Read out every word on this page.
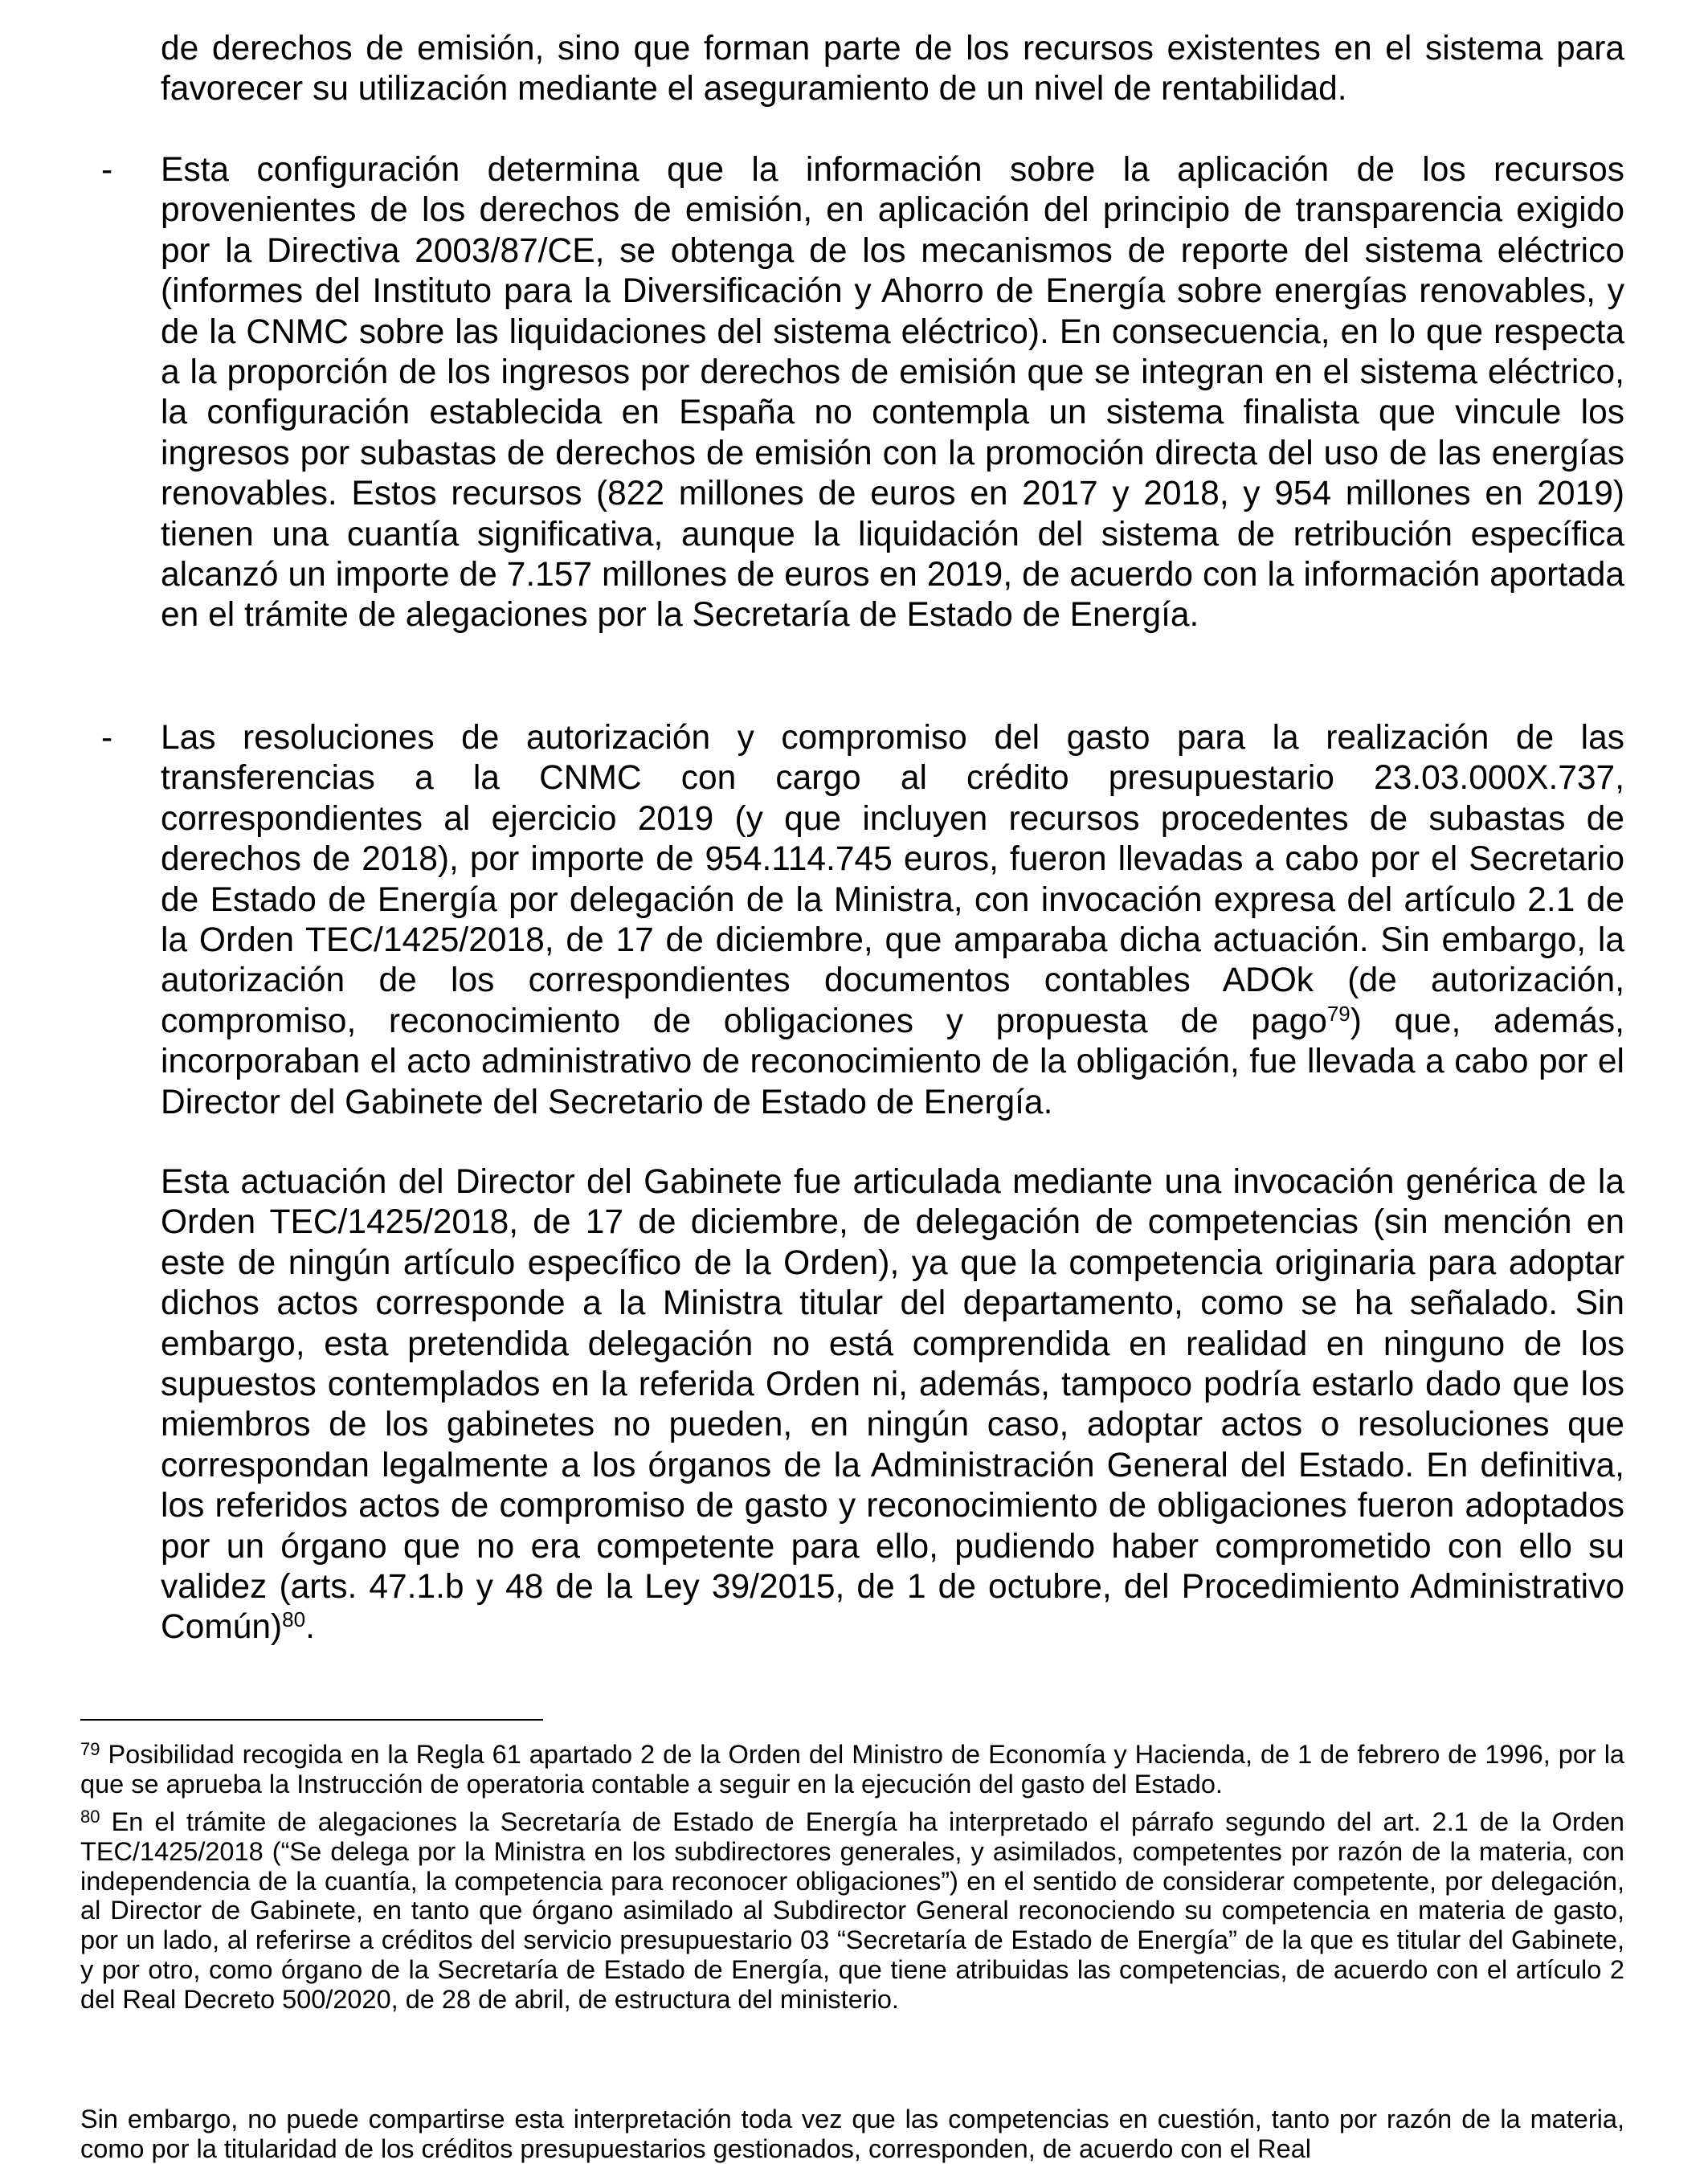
de derechos de emisión, sino que forman parte de los recursos existentes en el sistema para favorecer su utilización mediante el aseguramiento de un nivel de rentabilidad.

- Esta configuración determina que la información sobre la aplicación de los recursos provenientes de los derechos de emisión, en aplicación del principio de transparencia exigido por la Directiva 2003/87/CE, se obtenga de los mecanismos de reporte del sistema eléctrico (informes del Instituto para la Diversificación y Ahorro de Energía sobre energías renovables, y de la CNMC sobre las liquidaciones del sistema eléctrico). En consecuencia, en lo que respecta a la proporción de los ingresos por derechos de emisión que se integran en el sistema eléctrico, la configuración establecida en España no contempla un sistema finalista que vincule los ingresos por subastas de derechos de emisión con la promoción directa del uso de las energías renovables. Estos recursos (822 millones de euros en 2017 y 2018, y 954 millones en 2019) tienen una cuantía significativa, aunque la liquidación del sistema de retribución específica alcanzó un importe de 7.157 millones de euros en 2019, de acuerdo con la información aportada en el trámite de alegaciones por la Secretaría de Estado de Energía.

- Las resoluciones de autorización y compromiso del gasto para la realización de las transferencias a la CNMC con cargo al crédito presupuestario 23.03.000X.737, correspondientes al ejercicio 2019 (y que incluyen recursos procedentes de subastas de derechos de 2018), por importe de 954.114.745 euros, fueron llevadas a cabo por el Secretario de Estado de Energía por delegación de la Ministra, con invocación expresa del artículo 2.1 de la Orden TEC/1425/2018, de 17 de diciembre, que amparaba dicha actuación. Sin embargo, la autorización de los correspondientes documentos contables ADOk (de autorización, compromiso, reconocimiento de obligaciones y propuesta de pago$^{79}$) que, además, incorporaban el acto administrativo de reconocimiento de la obligación, fue llevada a cabo por el Director del Gabinete del Secretario de Estado de Energía.

Esta actuación del Director del Gabinete fue articulada mediante una invocación genérica de la Orden TEC/1425/2018, de 17 de diciembre, de delegación de competencias (sin mención en este de ningún artículo específico de la Orden), ya que la competencia originaria para adoptar dichos actos corresponde a la Ministra titular del departamento, como se ha señalado. Sin embargo, esta pretendida delegación no está comprendida en realidad en ninguno de los supuestos contemplados en la referida Orden ni, además, tampoco podría estarlo dado que los miembros de los gabinetes no pueden, en ningún caso, adoptar actos o resoluciones que correspondan legalmente a los órganos de la Administración General del Estado. En definitiva, los referidos actos de compromiso de gasto y reconocimiento de obligaciones fueron adoptados por un órgano que no era competente para ello, pudiendo haber comprometido con ello su validez (arts. 47.1.b y 48 de la Ley 39/2015, de 1 de octubre, del Procedimiento Administrativo Común)$^{80}$.

$^{79}$ Posibilidad recogida en la Regla 61 apartado 2 de la Orden del Ministro de Economía y Hacienda, de 1 de febrero de 1996, por la que se aprueba la Instrucción de operatoria contable a seguir en la ejecución del gasto del Estado.

$^{80}$ En el trámite de alegaciones la Secretaría de Estado de Energía ha interpretado el párrafo segundo del art. 2.1 de la Orden TEC/1425/2018 (“Se delega por la Ministra en los subdirectores generales, y asimilados, competentes por razón de la materia, con independencia de la cuantía, la competencia para reconocer obligaciones”) en el sentido de considerar competente, por delegación, al Director de Gabinete, en tanto que órgano asimilado al Subdirector General reconociendo su competencia en materia de gasto, por un lado, al referirse a créditos del servicio presupuestario 03 “Secretaría de Estado de Energía” de la que es titular del Gabinete, y por otro, como órgano de la Secretaría de Estado de Energía, que tiene atribuidas las competencias, de acuerdo con el artículo 2 del Real Decreto 500/2020, de 28 de abril, de estructura del ministerio.

Sin embargo, no puede compartirse esta interpretación toda vez que las competencias en cuestión, tanto por razón de la materia, como por la titularidad de los créditos presupuestarios gestionados, corresponden, de acuerdo con el Real
